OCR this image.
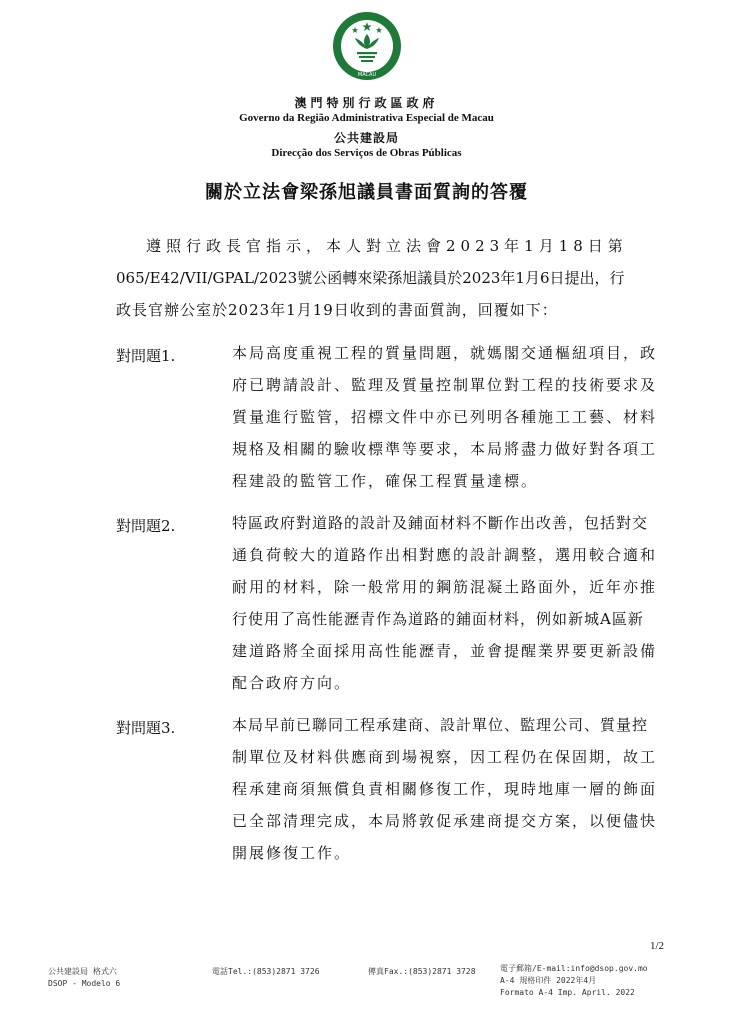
MACAU
澳門特別行政區政府
Governo da Região Administrativa Especial de Macau
公共建設局
Direcção dos Serviços de Obras Públicas
關於立法會梁孫旭議員書面質詢的答覆
遵照行政長官指示，本人對立法會2023年1月18日第
065/E42/VII/GPAL/2023號公函轉來梁孫旭議員於2023年1月6日提出，行
政長官辦公室於2023年1月19日收到的書面質詢，回覆如下：
對問題1.	本局高度重視工程的質量問題，就媽閣交通樞紐項目，政
府已聘請設計、監理及質量控制單位對工程的技術要求及
質量進行監管，招標文件中亦已列明各種施工工藝、材料
規格及相關的驗收標準等要求，本局將盡力做好對各項工
程建設的監管工作，確保工程質量達標。
對問題2.	特區政府對道路的設計及鋪面材料不斷作出改善，包括對交
通負荷較大的道路作出相對應的設計調整，選用較合適和
耐用的材料，除一般常用的鋼筋混凝土路面外，近年亦推
行使用了高性能瀝青作為道路的鋪面材料，例如新城A區新
建道路將全面採用高性能瀝青，並會提醒業界要更新設備
配合政府方向。
對問題3.	本局早前已聯同工程承建商、設計單位、監理公司、質量控
制單位及材料供應商到場視察，因工程仍在保固期，故工
程承建商須無償負責相關修復工作，現時地庫一層的飾面
已全部清理完成，本局將敦促承建商提交方案，以便儘快
開展修復工作。
1/2
公共建設局 格式六
DSOP - Modelo 6
電話Tel.:(853)2871 3726	傳真Fax.:(853)2871 3728	電子郵箱/E-mail:info@dsop.gov.mo
A-4 規格印件 2022年4月
Formato A-4 Imp. April. 2022
